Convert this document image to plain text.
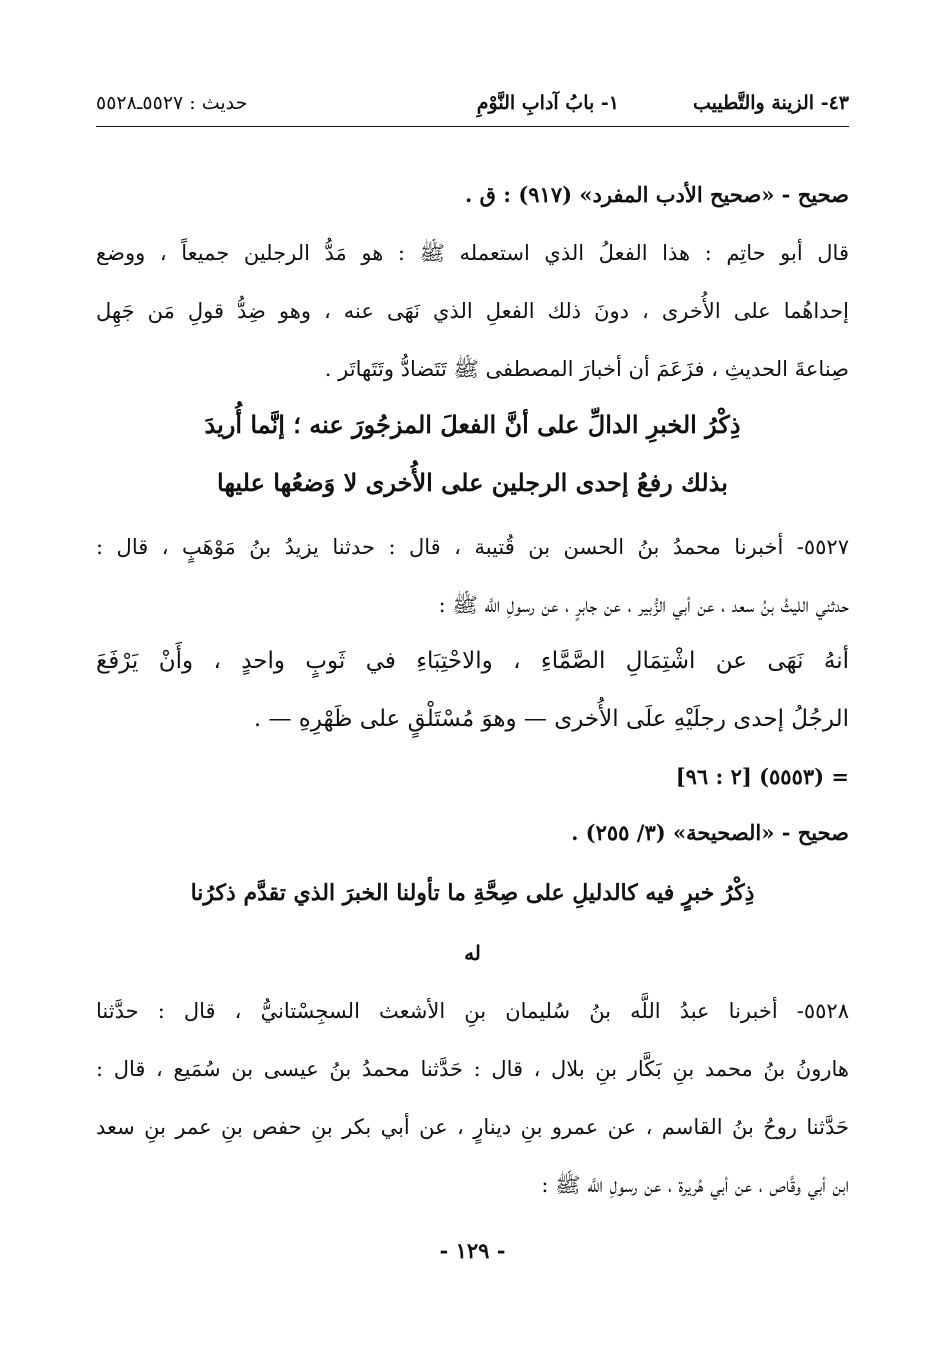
٤٣- الزينة والتَّطييب
١- بابُ آدابِ النَّوْمِ
حديث : ٥٥٢٧ـ٥٥٢٨
صحيح - «صحيح الأدب المفرد» (٩١٧) : ق .
قال أبو حاتِم : هذا الفعلُ الذي استعمله ﷺ : هو مَدُّ الرجلين جميعاً ، ووضع
إحداهُما على الأُخرى ، دونَ ذلك الفعلِ الذي نَهَى عنه ، وهو ضِدُّ قولِ مَن جَهِل
صِناعةَ الحديثِ ، فزَعَمَ أن أخبارَ المصطفى ﷺ تَتَضادُّ وتَتَهاتَر .
ذِكْرُ الخبرِ الدالِّ على أنَّ الفعلَ المزجُورَ عنه ؛ إنَّما أُريدَ
بذلك رفعُ إحدى الرجلين على الأُخرى لا وَضعُها عليها
٥٥٢٧- أخبرنا محمدُ بنُ الحسن بن قُتيبة ، قال : حدثنا يزيدُ بنُ مَوْهَبٍ ، قال :
حدثني الليثُ بنُ سعد ، عن أبي الزُّبير ، عن جابرٍ ، عن رسولِ اللَّه ﷺ :
أنهُ نَهَى عن اشْتِمَالِ الصَّمَّاءِ ، والاحْتِبَاءِ في ثَوبٍ واحدٍ ، وأَنْ يَرْفَعَ
الرجُلُ إحدى رجلَيْهِ علَى الأُخرى — وهوَ مُسْتَلْقٍ على ظَهْرِهِ — .
= (٥٥٥٣) [٢ : ٩٦]
صحيح - «الصحيحة» (٣/ ٢٥٥) .
ذِكْرُ خبرٍ فيه كالدليلِ على صِحَّةِ ما تأولنا الخبرَ الذي تقدَّم ذكرُنا
له
٥٥٢٨- أخبرنا عبدُ اللَّه بنُ سُليمان بنِ الأشعث السجِسْتانيُّ ، قال : حدَّثنا
هارونُ بنُ محمد بنِ بَكَّار بنِ بلال ، قال : حَدَّثنا محمدُ بنُ عيسى بن سُمَيع ، قال :
حَدَّثنا روحُ بنُ القاسم ، عن عمرو بنِ دينارٍ ، عن أبي بكر بنِ حفص بنِ عمر بنِ سعد
ابن أبي وقَّاص ، عن أبي هُريرة ، عن رسولِ اللَّه ﷺ :
- ١٢٩ -
